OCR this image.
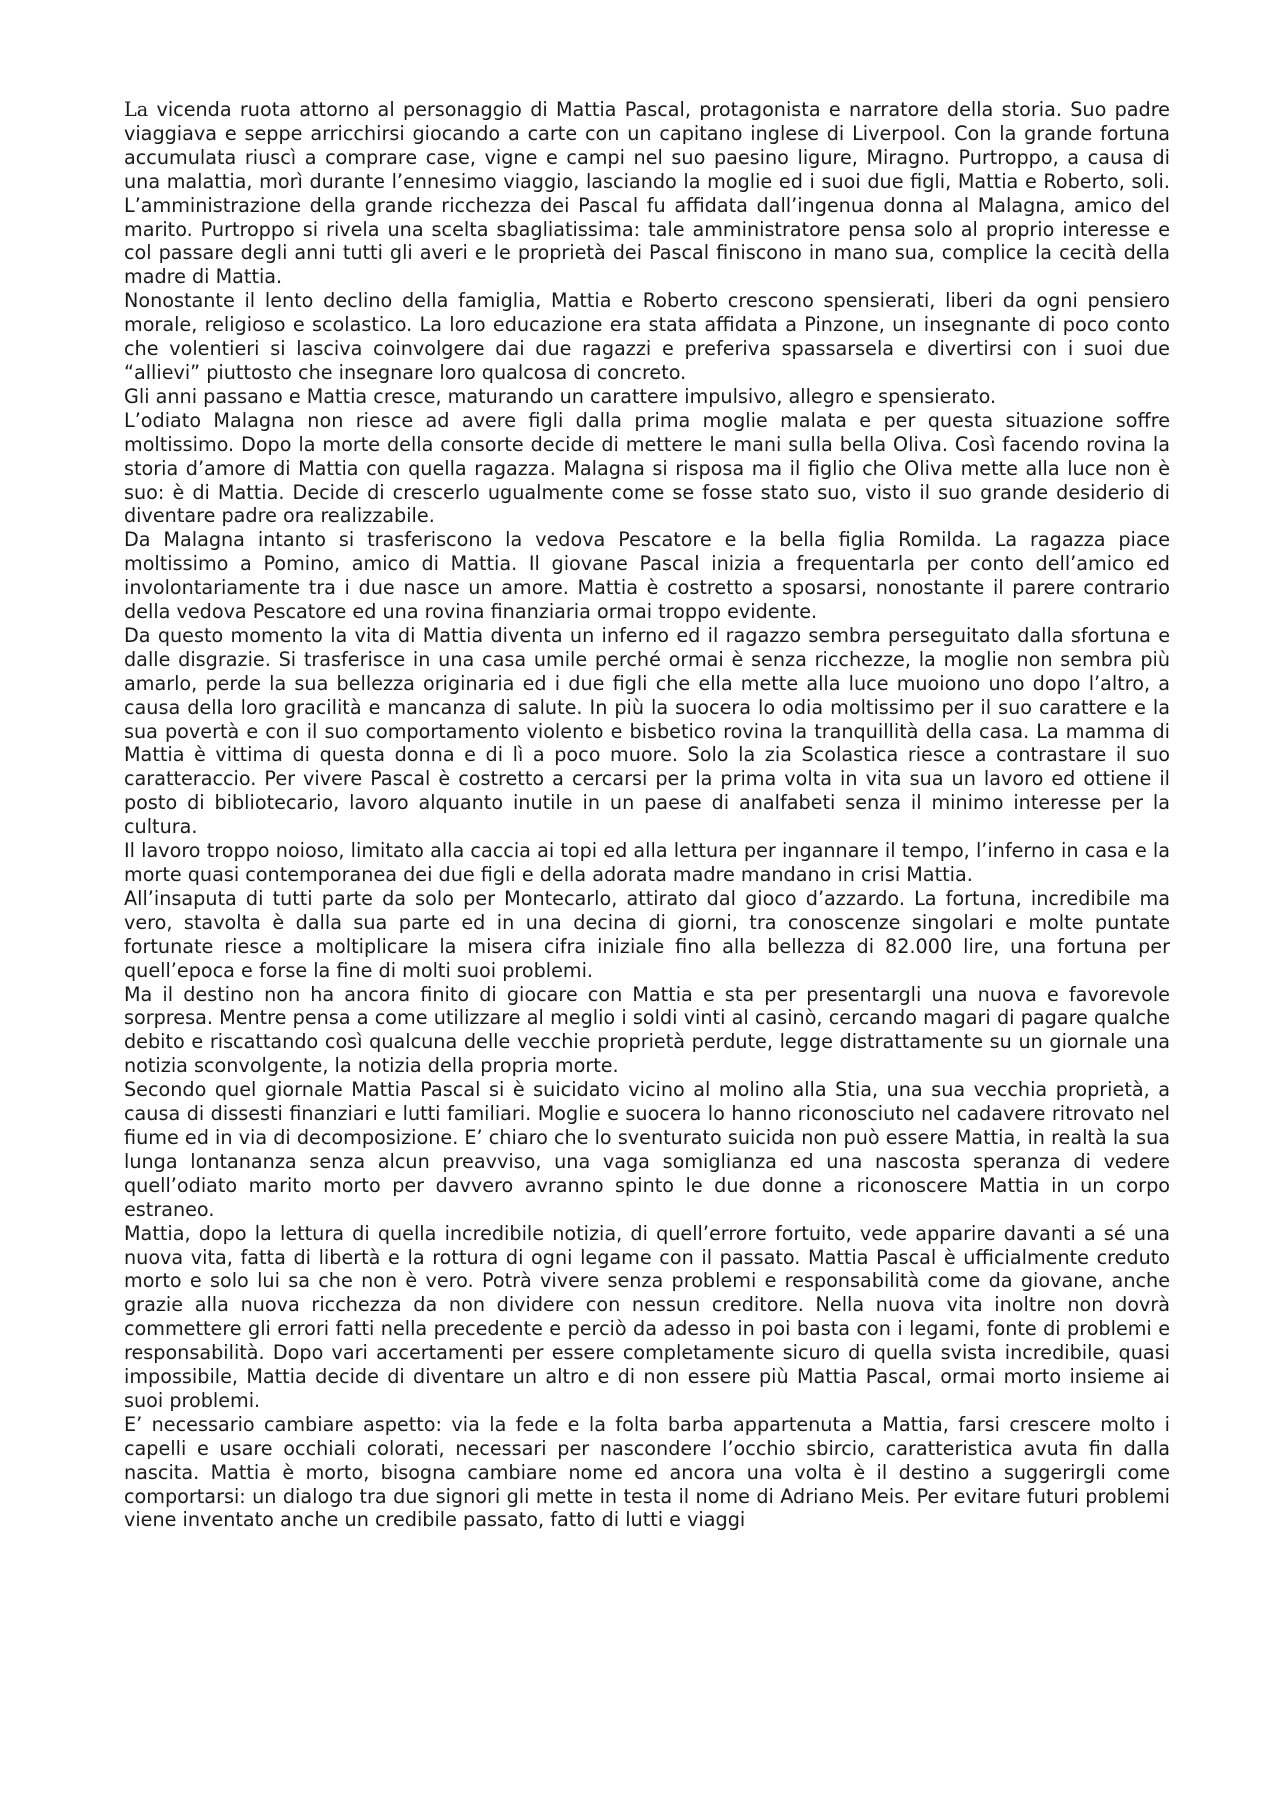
La vicenda ruota attorno al personaggio di Mattia Pascal, protagonista e narratore della storia. Suo padre viaggiava e seppe arricchirsi giocando a carte con un capitano inglese di Liverpool. Con la grande fortuna accumulata riuscì a comprare case, vigne e campi nel suo paesino ligure, Miragno. Purtroppo, a causa di una malattia, morì durante l’ennesimo viaggio, lasciando la moglie ed i suoi due figli, Mattia e Roberto, soli. L’amministrazione della grande ricchezza dei Pascal fu affidata dall’ingenua donna al Malagna, amico del marito. Purtroppo si rivela una scelta sbagliatissima: tale amministratore pensa solo al proprio interesse e col passare degli anni tutti gli averi e le proprietà dei Pascal finiscono in mano sua, complice la cecità della madre di Mattia.

Nonostante il lento declino della famiglia, Mattia e Roberto crescono spensierati, liberi da ogni pensiero morale, religioso e scolastico. La loro educazione era stata affidata a Pinzone, un insegnante di poco conto che volentieri si lasciva coinvolgere dai due ragazzi e preferiva spassarsela e divertirsi con i suoi due “allievi” piuttosto che insegnare loro qualcosa di concreto.

Gli anni passano e Mattia cresce, maturando un carattere impulsivo, allegro e spensierato.

L’odiato Malagna non riesce ad avere figli dalla prima moglie malata e per questa situazione soffre moltissimo. Dopo la morte della consorte decide di mettere le mani sulla bella Oliva. Così facendo rovina la storia d’amore di Mattia con quella ragazza. Malagna si risposa ma il figlio che Oliva mette alla luce non è suo: è di Mattia. Decide di crescerlo ugualmente come se fosse stato suo, visto il suo grande desiderio di diventare padre ora realizzabile.

Da Malagna intanto si trasferiscono la vedova Pescatore e la bella figlia Romilda. La ragazza piace moltissimo a Pomino, amico di Mattia. Il giovane Pascal inizia a frequentarla per conto dell’amico ed involontariamente tra i due nasce un amore. Mattia è costretto a sposarsi, nonostante il parere contrario della vedova Pescatore ed una rovina finanziaria ormai troppo evidente.

Da questo momento la vita di Mattia diventa un inferno ed il ragazzo sembra perseguitato dalla sfortuna e dalle disgrazie. Si trasferisce in una casa umile perché ormai è senza ricchezze, la moglie non sembra più amarlo, perde la sua bellezza originaria ed i due figli che ella mette alla luce muoiono uno dopo l’altro, a causa della loro gracilità e mancanza di salute. In più la suocera lo odia moltissimo per il suo carattere e la sua povertà e con il suo comportamento violento e bisbetico rovina la tranquillità della casa. La mamma di Mattia è vittima di questa donna e di lì a poco muore. Solo la zia Scolastica riesce a contrastare il suo caratteraccio. Per vivere Pascal è costretto a cercarsi per la prima volta in vita sua un lavoro ed ottiene il posto di bibliotecario, lavoro alquanto inutile in un paese di analfabeti senza il minimo interesse per la cultura.

Il lavoro troppo noioso, limitato alla caccia ai topi ed alla lettura per ingannare il tempo, l’inferno in casa e la morte quasi contemporanea dei due figli e della adorata madre mandano in crisi Mattia.

All’insaputa di tutti parte da solo per Montecarlo, attirato dal gioco d’azzardo. La fortuna, incredibile ma vero, stavolta è dalla sua parte ed in una decina di giorni, tra conoscenze singolari e molte puntate fortunate riesce a moltiplicare la misera cifra iniziale fino alla bellezza di 82.000 lire, una fortuna per quell’epoca e forse la fine di molti suoi problemi.

Ma il destino non ha ancora finito di giocare con Mattia e sta per presentargli una nuova e favorevole sorpresa. Mentre pensa a come utilizzare al meglio i soldi vinti al casinò, cercando magari di pagare qualche debito e riscattando così qualcuna delle vecchie proprietà perdute, legge distrattamente su un giornale una notizia sconvolgente, la notizia della propria morte.

Secondo quel giornale Mattia Pascal si è suicidato vicino al molino alla Stia, una sua vecchia proprietà, a causa di dissesti finanziari e lutti familiari. Moglie e suocera lo hanno riconosciuto nel cadavere ritrovato nel fiume ed in via di decomposizione. E’ chiaro che lo sventurato suicida non può essere Mattia, in realtà la sua lunga lontananza senza alcun preavviso, una vaga somiglianza ed una nascosta speranza di vedere quell’odiato marito morto per davvero avranno spinto le due donne a riconoscere Mattia in un corpo estraneo.

Mattia, dopo la lettura di quella incredibile notizia, di quell’errore fortuito, vede apparire davanti a sé una nuova vita, fatta di libertà e la rottura di ogni legame con il passato. Mattia Pascal è ufficialmente creduto morto e solo lui sa che non è vero. Potrà vivere senza problemi e responsabilità come da giovane, anche grazie alla nuova ricchezza da non dividere con nessun creditore. Nella nuova vita inoltre non dovrà commettere gli errori fatti nella precedente e perciò da adesso in poi basta con i legami, fonte di problemi e responsabilità. Dopo vari accertamenti per essere completamente sicuro di quella svista incredibile, quasi impossibile, Mattia decide di diventare un altro e di non essere più Mattia Pascal, ormai morto insieme ai suoi problemi.

E’ necessario cambiare aspetto: via la fede e la folta barba appartenuta a Mattia, farsi crescere molto i capelli e usare occhiali colorati, necessari per nascondere l’occhio sbircio, caratteristica avuta fin dalla nascita. Mattia è morto, bisogna cambiare nome ed ancora una volta è il destino a suggerirgli come comportarsi: un dialogo tra due signori gli mette in testa il nome di Adriano Meis. Per evitare futuri problemi viene inventato anche un credibile passato, fatto di lutti e viaggi
